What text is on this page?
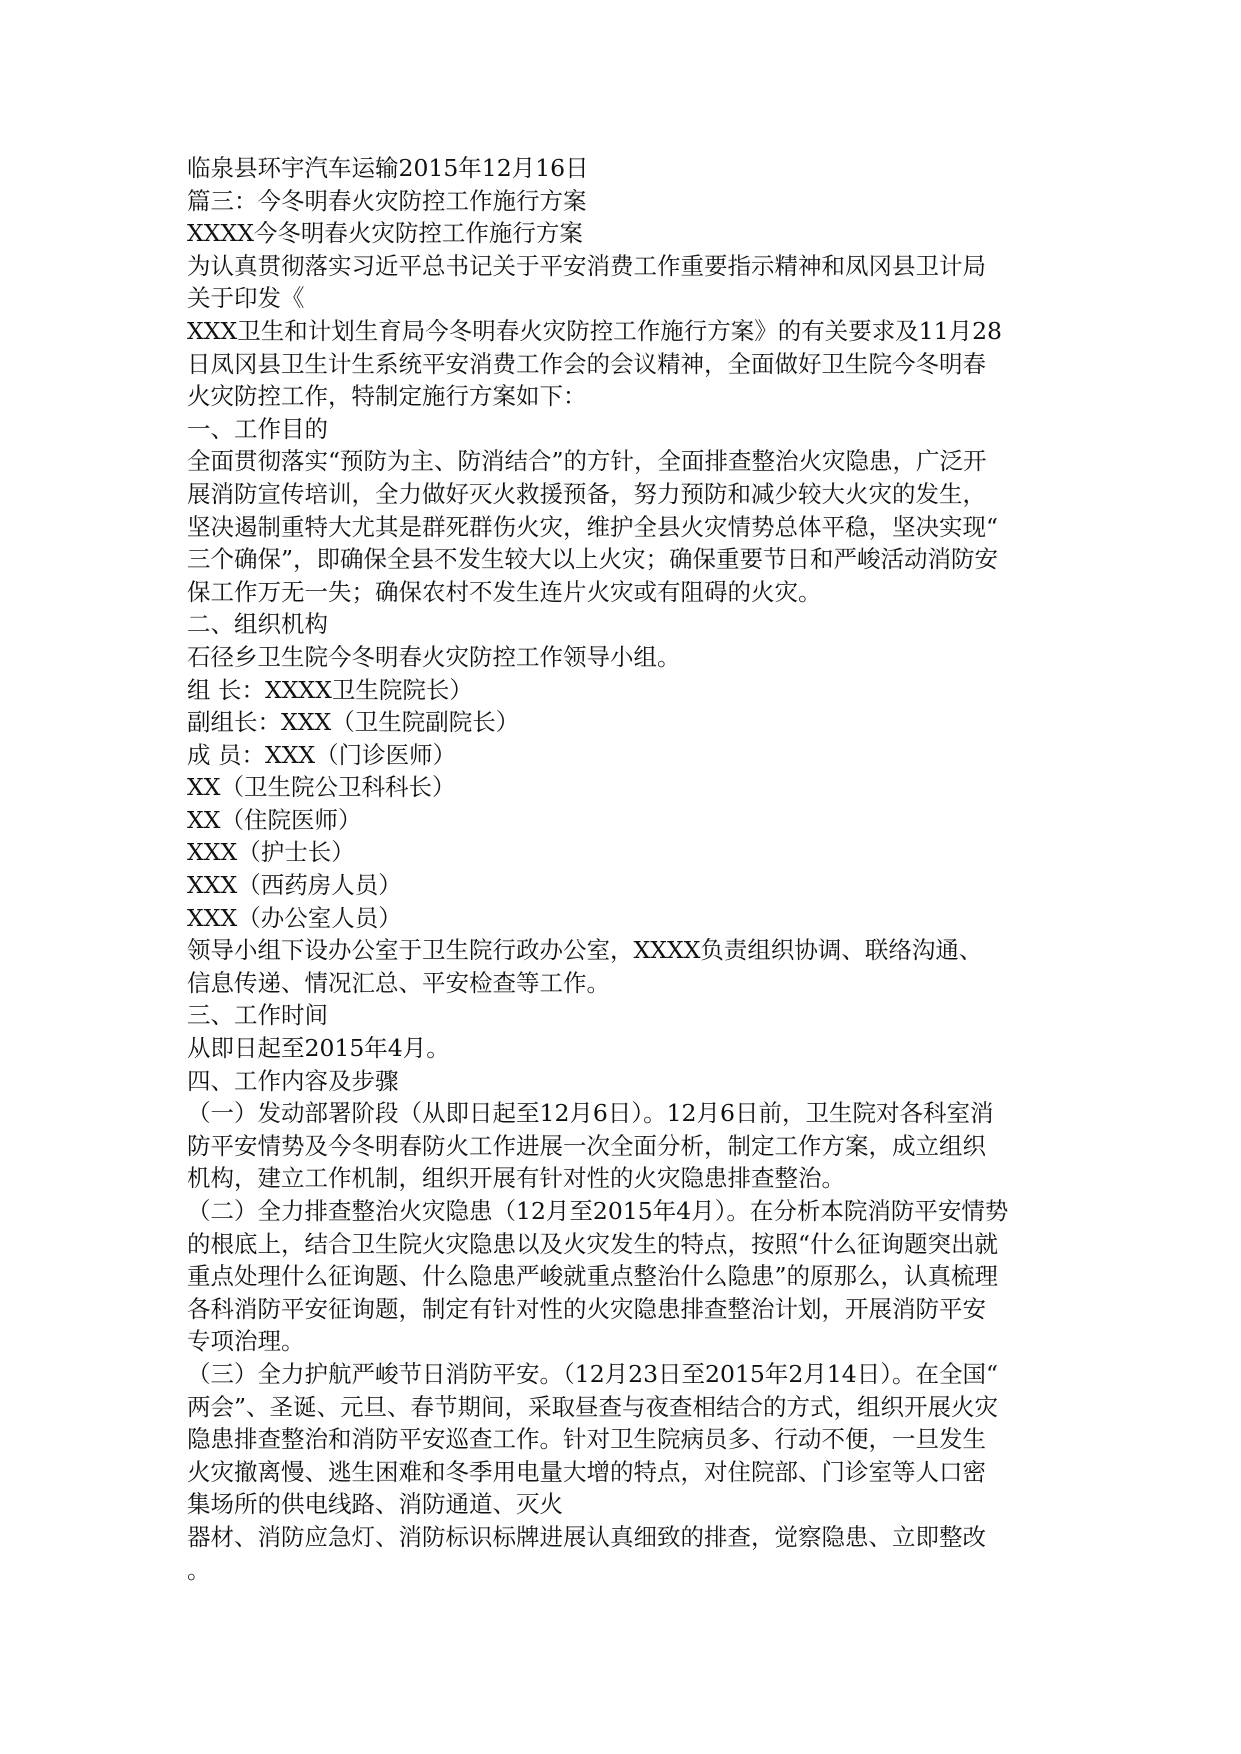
临泉县环宇汽车运输2015年12月16日

篇三：今冬明春火灾防控工作施行方案

XXXX今冬明春火灾防控工作施行方案

为认真贯彻落实习近平总书记关于平安消费工作重要指示精神和凤冈县卫计局

关于印发《

XXX卫生和计划生育局今冬明春火灾防控工作施行方案》的有关要求及11月28

日凤冈县卫生计生系统平安消费工作会的会议精神，全面做好卫生院今冬明春

火灾防控工作，特制定施行方案如下：

一、工作目的

全面贯彻落实“预防为主、防消结合”的方针，全面排查整治火灾隐患，广泛开

展消防宣传培训，全力做好灭火救援预备，努力预防和减少较大火灾的发生，

坚决遏制重特大尤其是群死群伤火灾，维护全县火灾情势总体平稳，坚决实现“

三个确保”，即确保全县不发生较大以上火灾；确保重要节日和严峻活动消防安

保工作万无一失；确保农村不发生连片火灾或有阻碍的火灾。

二、组织机构

石径乡卫生院今冬明春火灾防控工作领导小组。

组 长：XXXX卫生院院长）

副组长：XXX（卫生院副院长）

成 员：XXX（门诊医师）

XX（卫生院公卫科科长）

XX（住院医师）

XXX（护士长）

XXX（西药房人员）

XXX（办公室人员）

领导小组下设办公室于卫生院行政办公室，XXXX负责组织协调、联络沟通、

信息传递、情况汇总、平安检查等工作。

三、工作时间

从即日起至2015年4月。

四、工作内容及步骤

（一）发动部署阶段（从即日起至12月6日）。12月6日前，卫生院对各科室消

防平安情势及今冬明春防火工作进展一次全面分析，制定工作方案，成立组织

机构，建立工作机制，组织开展有针对性的火灾隐患排查整治。

（二）全力排查整治火灾隐患（12月至2015年4月）。在分析本院消防平安情势

的根底上，结合卫生院火灾隐患以及火灾发生的特点，按照“什么征询题突出就

重点处理什么征询题、什么隐患严峻就重点整治什么隐患”的原那么，认真梳理

各科消防平安征询题，制定有针对性的火灾隐患排查整治计划，开展消防平安

专项治理。

（三）全力护航严峻节日消防平安。（12月23日至2015年2月14日）。在全国“

两会”、圣诞、元旦、春节期间，采取昼查与夜查相结合的方式，组织开展火灾

隐患排查整治和消防平安巡查工作。针对卫生院病员多、行动不便，一旦发生

火灾撤离慢、逃生困难和冬季用电量大增的特点，对住院部、门诊室等人口密

集场所的供电线路、消防通道、灭火

器材、消防应急灯、消防标识标牌进展认真细致的排查，觉察隐患、立即整改

。
